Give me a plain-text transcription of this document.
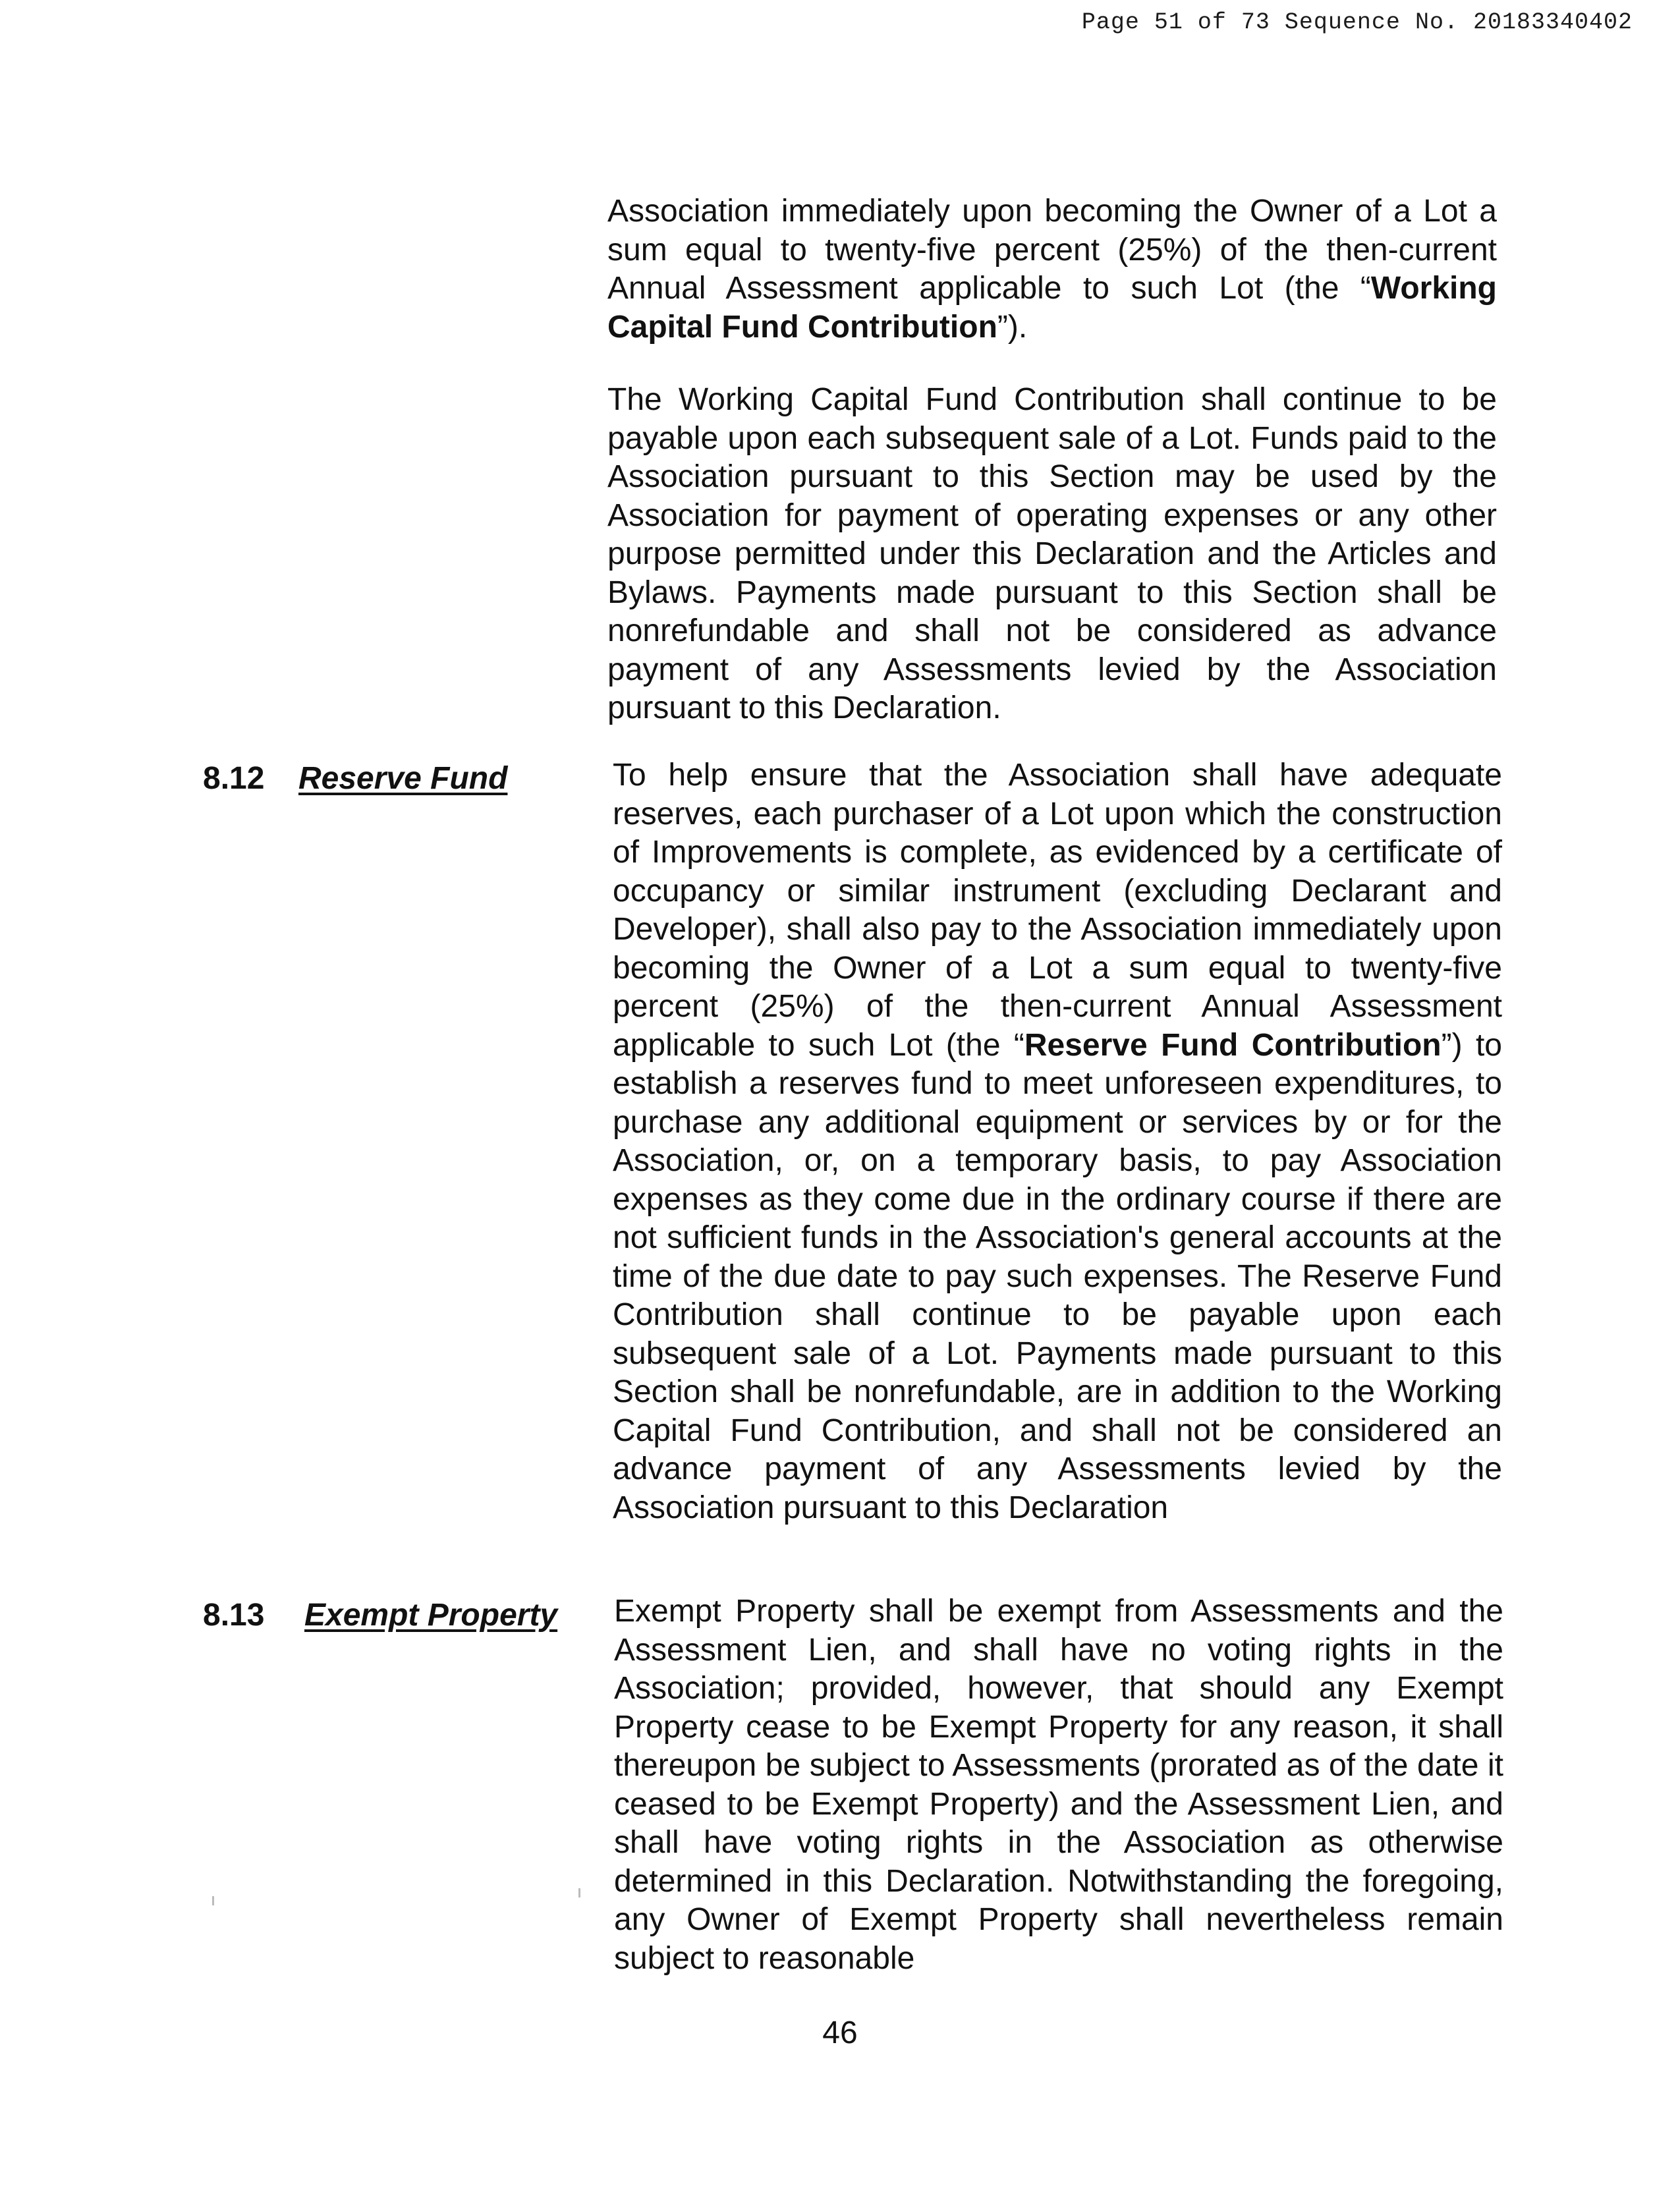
Page 51 of 73 Sequence No. 20183340402

Association immediately upon becoming the Owner of a Lot a sum equal to twenty-five percent (25%) of the then-current Annual Assessment applicable to such Lot (the “Working Capital Fund Contribution”).

The Working Capital Fund Contribution shall continue to be payable upon each subsequent sale of a Lot. Funds paid to the Association pursuant to this Section may be used by the Association for payment of operating expenses or any other purpose permitted under this Declaration and the Articles and Bylaws. Payments made pursuant to this Section shall be nonrefundable and shall not be considered as advance payment of any Assessments levied by the Association pursuant to this Declaration.

8.12 Reserve Fund	To help ensure that the Association shall have adequate reserves, each purchaser of a Lot upon which the construction of Improvements is complete, as evidenced by a certificate of occupancy or similar instrument (excluding Declarant and Developer), shall also pay to the Association immediately upon becoming the Owner of a Lot a sum equal to twenty-five percent (25%) of the then-current Annual Assessment applicable to such Lot (the “Reserve Fund Contribution”) to establish a reserves fund to meet unforeseen expenditures, to purchase any additional equipment or services by or for the Association, or, on a temporary basis, to pay Association expenses as they come due in the ordinary course if there are not sufficient funds in the Association's general accounts at the time of the due date to pay such expenses. The Reserve Fund Contribution shall continue to be payable upon each subsequent sale of a Lot. Payments made pursuant to this Section shall be nonrefundable, are in addition to the Working Capital Fund Contribution, and shall not be considered an advance payment of any Assessments levied by the Association pursuant to this Declaration

8.13 Exempt Property Exempt Property shall be exempt from Assessments and the Assessment Lien, and shall have no voting rights in the Association; provided, however, that should any Exempt Property cease to be Exempt Property for any reason, it shall thereupon be subject to Assessments (prorated as of the date it ceased to be Exempt Property) and the Assessment Lien, and shall have voting rights in the Association as otherwise determined in this Declaration. Notwithstanding the foregoing, any Owner of Exempt Property shall nevertheless remain subject to reasonable

46
